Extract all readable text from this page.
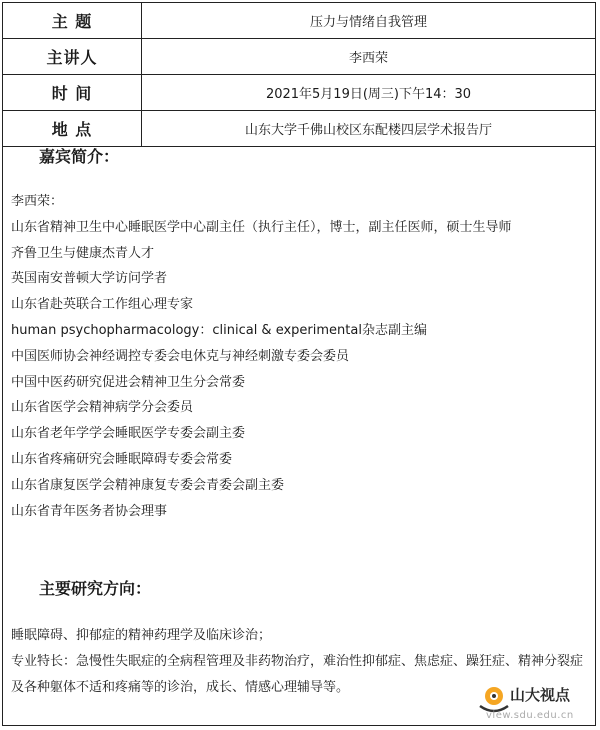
主 题	压力与情绪自我管理
主讲人	李西荣
时 间	2021年5月19日(周三)下午14：30
地 点	山东大学千佛山校区东配楼四层学术报告厅
嘉宾简介：
李西荣：
山东省精神卫生中心睡眠医学中心副主任（执行主任），博士，副主任医师，硕士生导师
齐鲁卫生与健康杰青人才
英国南安普顿大学访问学者
山东省赴英联合工作组心理专家
human psychopharmacology：clinical & experimental杂志副主编
中国医师协会神经调控专委会电休克与神经刺激专委会委员
中国中医药研究促进会精神卫生分会常委
山东省医学会精神病学分会委员
山东省老年学学会睡眠医学专委会副主委
山东省疼痛研究会睡眠障碍专委会常委
山东省康复医学会精神康复专委会青委会副主委
山东省青年医务者协会理事
主要研究方向：
睡眠障碍、抑郁症的精神药理学及临床诊治；
专业特长：急慢性失眠症的全病程管理及非药物治疗，难治性抑郁症、焦虑症、躁狂症、精神分裂症及各种躯体不适和疼痛等的诊治，成长、情感心理辅导等。	山大视点
view.sdu.edu.cn
